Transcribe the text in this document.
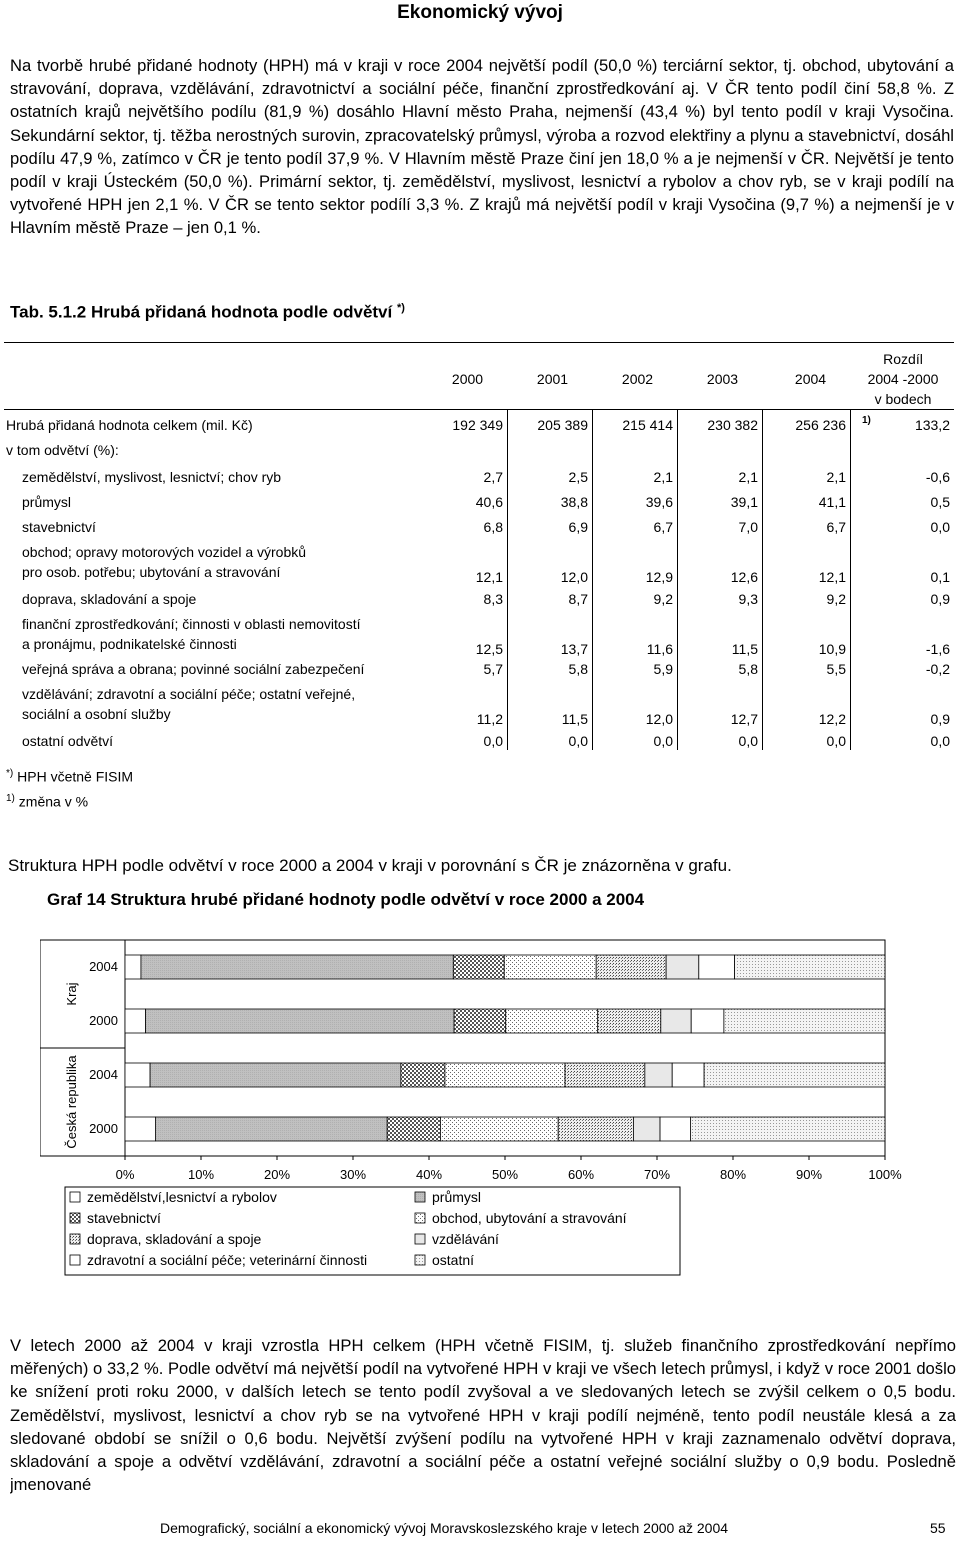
Ekonomický vývoj

Na tvorbě hrubé přidané hodnoty (HPH) má v kraji v roce 2004 největší podíl (50,0 %) terciární sektor, tj. obchod, ubytování a stravování, doprava, vzdělávání, zdravotnictví a sociální péče, finanční zprostředkování aj. V ČR tento podíl činí 58,8 %. Z ostatních krajů největšího podílu (81,9 %) dosáhlo Hlavní město Praha, nejmenší (43,4 %) byl tento podíl v kraji Vysočina. Sekundární sektor, tj. těžba nerostných surovin, zpracovatelský průmysl, výroba a rozvod elektřiny a plynu a stavebnictví, dosáhl podílu 47,9 %, zatímco v ČR je tento podíl 37,9 %. V Hlavním městě Praze činí jen 18,0 % a je nejmenší v ČR. Největší je tento podíl v kraji Ústeckém (50,0 %). Primární sektor, tj. zemědělství, myslivost, lesnictví a rybolov a chov ryb, se v kraji podílí na vytvořené HPH jen 2,1 %. V ČR se tento sektor podílí 3,3 %. Z krajů má největší podíl v kraji Vysočina (9,7 %) a nejmenší je v Hlavním městě Praze – jen 0,1 %.

Tab. 5.1.2 Hrubá přidaná hodnota podle odvětví *)
2000	2001	2002	2003	2004
Rozdíl
2004 -2000
v bodech
Hrubá přidaná hodnota celkem (mil. Kč)	192 349	205 389	215 414	230 382	256 236 1)	133,2
v tom odvětví (%):
zemědělství, myslivost, lesnictví; chov ryb	2,7	2,5	2,1	2,1	2,1	-0,6
průmysl	40,6	38,8	39,6	39,1	41,1	0,5
stavebnictví	6,8	6,9	6,7	7,0	6,7	0,0
obchod; opravy motorových vozidel a výrobků
pro osob. potřebu; ubytování a stravování	12,1	12,0	12,9	12,6	12,1	0,1
doprava, skladování a spoje	8,3	8,7	9,2	9,3	9,2	0,9
finanční zprostředkování; činnosti v oblasti nemovitostí
a pronájmu, podnikatelské činnosti	12,5	13,7	11,6	11,5	10,9	-1,6
veřejná správa a obrana; povinné sociální zabezpečení	5,7	5,8	5,9	5,8	5,5	-0,2
vzdělávání; zdravotní a sociální péče; ostatní veřejné,
sociální a osobní služby	11,2	11,5	12,0	12,7	12,2	0,9
ostatní odvětví	0,0	0,0	0,0	0,0	0,0	0,0
*) HPH včetně FISIM
$^{1)}$ změna v %
Struktura HPH podle odvětví v roce 2000 a 2004 v kraji v porovnání s ČR je znázorněna v grafu.
Graf 14 Struktura hrubé přidané hodnoty podle odvětví v roce 2000 a 2004
Kraj
Česká republika
2004
2000
2004
2000
0%	10%	20%	30%	40%	50%	60%	70%	80%	90%	100%
zemědělství,lesnictví a rybolov	průmysl
stavebnictví	obchod, ubytování a stravování
doprava, skladování a spoje	vzdělávání
zdravotní a sociální péče; veterinární činnosti	ostatní

V letech 2000 až 2004 v kraji vzrostla HPH celkem (HPH včetně FISIM, tj. služeb finančního zprostředkování nepřímo měřených) o 33,2 %. Podle odvětví má největší podíl na vytvořené HPH v kraji ve všech letech průmysl, i když v roce 2001 došlo ke snížení proti roku 2000, v dalších letech se tento podíl zvyšoval a ve sledovaných letech se zvýšil celkem o 0,5 bodu. Zemědělství, myslivost, lesnictví a chov ryb se na vytvořené HPH v kraji podílí nejméně, tento podíl neustále klesá a za sledované období se snížil o 0,6 bodu. Největší zvýšení podílu na vytvořené HPH v kraji zaznamenalo odvětví doprava, skladování a spoje a odvětví vzdělávání, zdravotní a sociální péče a ostatní veřejné sociální služby o 0,9 bodu. Posledně jmenované

Demografický, sociální a ekonomický vývoj Moravskoslezského kraje v letech 2000 až 2004	55
